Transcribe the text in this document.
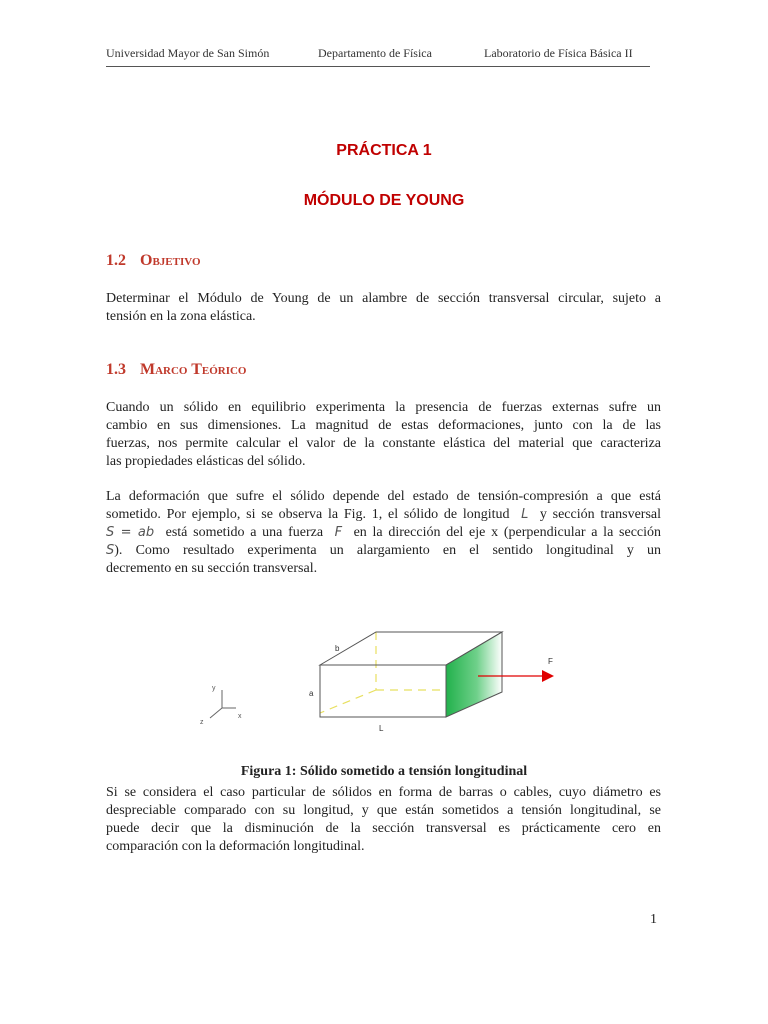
Universidad Mayor de San Simón	Departamento de Física	Laboratorio de Física Básica II
PRÁCTICA 1
MÓDULO DE YOUNG
1.2 Objetivo
Determinar el Módulo de Young de un alambre de sección transversal circular, sujeto a
tensión en la zona elástica.
1.3 Marco Teórico
Cuando un sólido en equilibrio experimenta la presencia de fuerzas externas sufre un
cambio en sus dimensiones. La magnitud de estas deformaciones, junto con la de las
fuerzas, nos permite calcular el valor de la constante elástica del material que caracteriza
las propiedades elásticas del sólido.
La deformación que sufre el sólido depende del estado de tensión-compresión a que está
sometido. Por ejemplo, si se observa la Fig. 1, el sólido de longitud L y sección transversal
S = ab está sometido a una fuerza F en la dirección del eje x (perpendicular a la sección
S). Como resultado experimenta un alargamiento en el sentido longitudinal y un
decremento en su sección transversal.
y
x
z
b
a
L
F
Figura 1: Sólido sometido a tensión longitudinal
Si se considera el caso particular de sólidos en forma de barras o cables, cuyo diámetro es
despreciable comparado con su longitud, y que están sometidos a tensión longitudinal, se
puede decir que la disminución de la sección transversal es prácticamente cero en
comparación con la deformación longitudinal.
1
